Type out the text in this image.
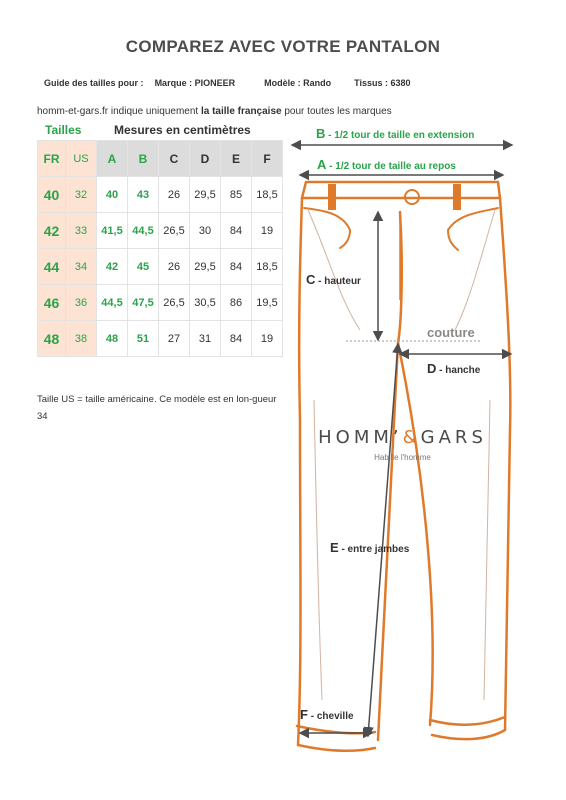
COMPAREZ AVEC VOTRE PANTALON
Guide des tailles pour : Marque : PIONEER	Modèle : Rando	Tissus : 6380
homm-et-gars.fr indique uniquement la taille française pour toutes les marques
Tailles	Mesures en centimètres
FR	US	A	B	C	D	E	F
40	32	40	43	26	29,5	85	18,5
42	33	41,5	44,5	26,5	30	84	19
44	34	42	45	26	29,5	84	18,5
46	36	44,5	47,5	26,5	30,5	86	19,5
48	38	48	51	27	31	84	19
Taille US = taille américaine. Ce modèle est en lon-gueur 34
B - 1/2 tour de taille en extension
A - 1/2 tour de taille au repos
C - hauteur
couture
D - hanche
E - entre jambes
F - cheville
HOMM’&GARS
Habille l'homme
